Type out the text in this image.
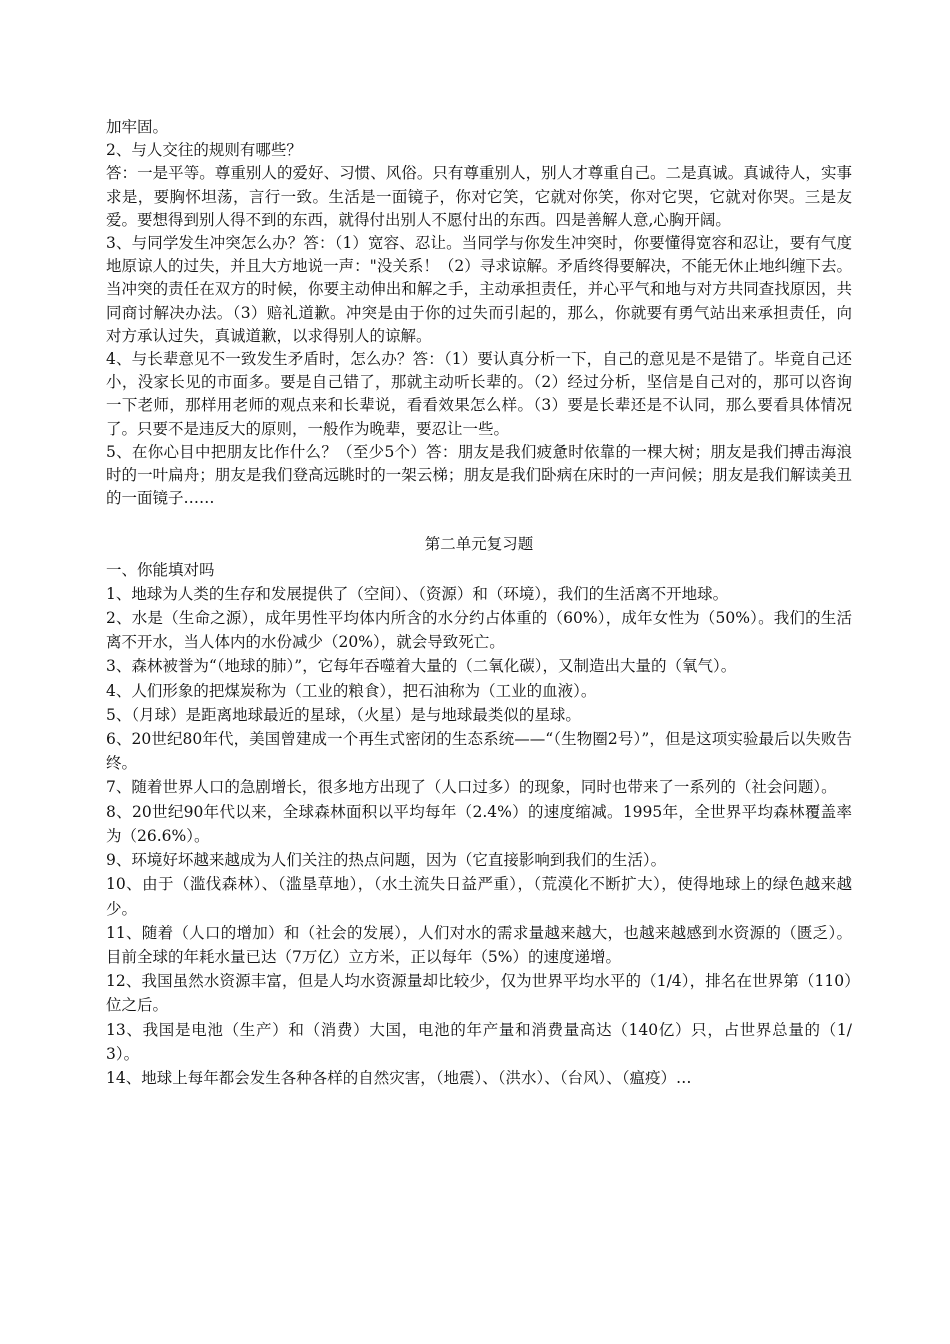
加牢固。

2、与人交往的规则有哪些？

答：一是平等。尊重别人的爱好、习惯、风俗。只有尊重别人，别人才尊重自己。二是真诚。真诚待人，实事求是，要胸怀坦荡，言行一致。生活是一面镜子，你对它笑，它就对你笑，你对它哭，它就对你哭。三是友爱。要想得到别人得不到的东西，就得付出别人不愿付出的东西。四是善解人意,心胸开阔。

3、与同学发生冲突怎么办？答：（1）宽容、忍让。当同学与你发生冲突时，你要懂得宽容和忍让，要有气度地原谅人的过失，并且大方地说一声："没关系！（2）寻求谅解。矛盾终得要解决，不能无休止地纠缠下去。当冲突的责任在双方的时候，你要主动伸出和解之手，主动承担责任，并心平气和地与对方共同查找原因，共同商讨解决办法。（3）赔礼道歉。冲突是由于你的过失而引起的，那么，你就要有勇气站出来承担责任，向对方承认过失，真诚道歉，以求得别人的谅解。

4、与长辈意见不一致发生矛盾时，怎么办？答：（1）要认真分析一下，自己的意见是不是错了。毕竟自己还小，没家长见的市面多。要是自己错了，那就主动听长辈的。（2）经过分析，坚信是自己对的，那可以咨询一下老师，那样用老师的观点来和长辈说，看看效果怎么样。（3）要是长辈还是不认同，那么要看具体情况了。只要不是违反大的原则，一般作为晚辈，要忍让一些。

5、在你心目中把朋友比作什么？（至少5个）答：朋友是我们疲惫时依靠的一棵大树；朋友是我们搏击海浪时的一叶扁舟；朋友是我们登高远眺时的一架云梯；朋友是我们卧病在床时的一声问候；朋友是我们解读美丑的一面镜子……

第二单元复习题

一、你能填对吗

1、地球为人类的生存和发展提供了（空间）、（资源）和（环境），我们的生活离不开地球。

2、水是（生命之源），成年男性平均体内所含的水分约占体重的（60%），成年女性为（50%）。我们的生活离不开水，当人体内的水份减少（20%），就会导致死亡。

3、森林被誉为“（地球的肺）”，它每年吞噬着大量的（二氧化碳），又制造出大量的（氧气）。

4、人们形象的把煤炭称为（工业的粮食），把石油称为（工业的血液）。

5、（月球）是距离地球最近的星球，（火星）是与地球最类似的星球。

6、20世纪80年代，美国曾建成一个再生式密闭的生态系统——“（生物圈2号）”，但是这项实验最后以失败告终。

7、随着世界人口的急剧增长，很多地方出现了（人口过多）的现象，同时也带来了一系列的（社会问题）。

8、20世纪90年代以来，全球森林面积以平均每年（2.4%）的速度缩减。1995年，全世界平均森林覆盖率为（26.6%）。

9、环境好坏越来越成为人们关注的热点问题，因为（它直接影响到我们的生活）。

10、由于（滥伐森林）、（滥垦草地），（水土流失日益严重），（荒漠化不断扩大），使得地球上的绿色越来越少。

11、随着（人口的增加）和（社会的发展），人们对水的需求量越来越大，也越来越感到水资源的（匮乏）。目前全球的年耗水量已达（7万亿）立方米，正以每年（5%）的速度递增。

12、我国虽然水资源丰富，但是人均水资源量却比较少，仅为世界平均水平的（1/4），排名在世界第（110）位之后。

13、我国是电池（生产）和（消费）大国，电池的年产量和消费量高达（140亿）只，占世界总量的（1/3）。

14、地球上每年都会发生各种各样的自然灾害，（地震）、（洪水）、（台风）、（瘟疫）…
